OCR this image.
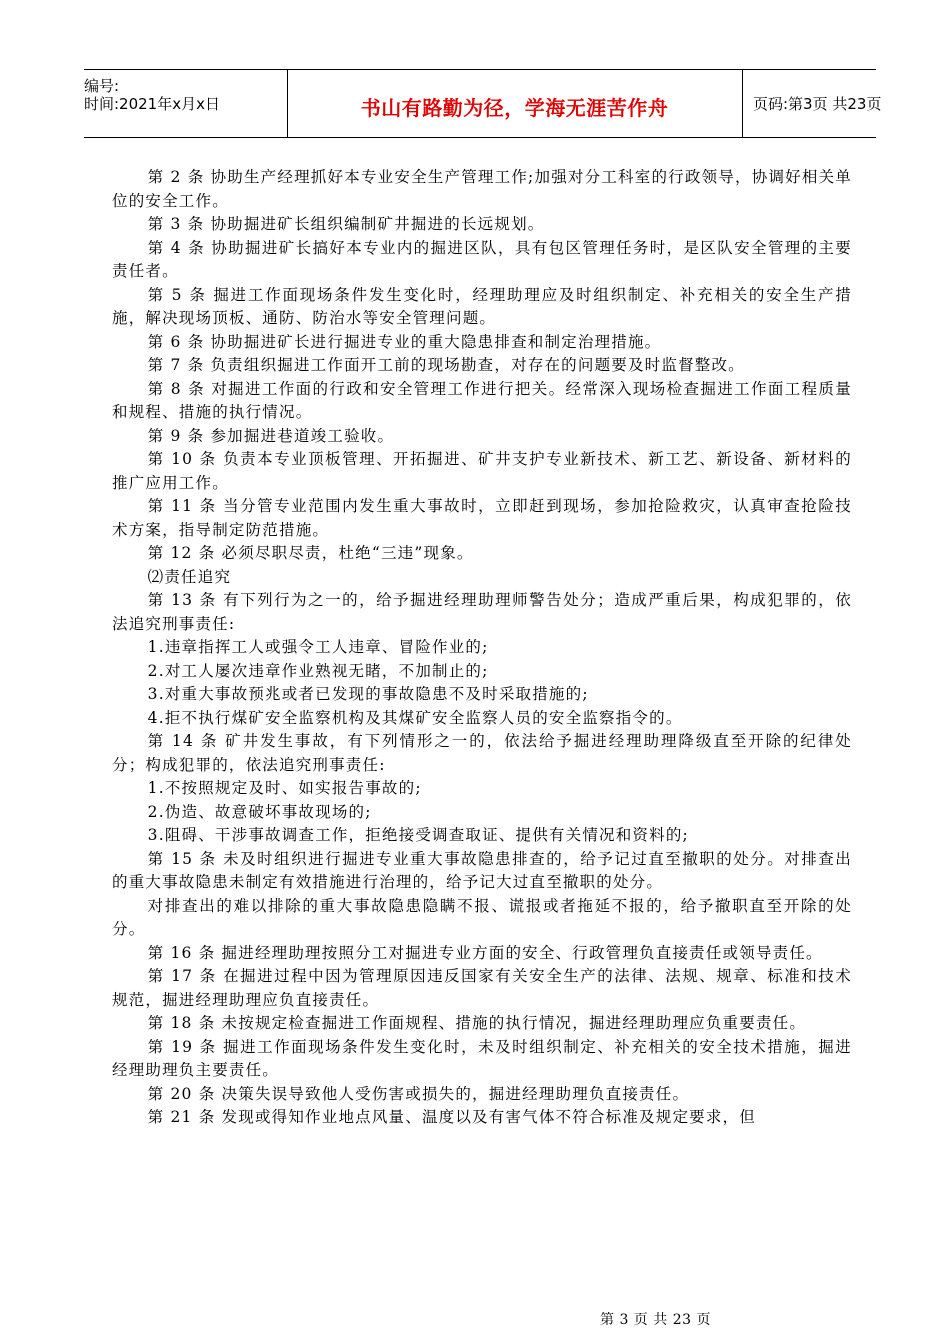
编号:
时间:2021年x月x日	书山有路勤为径，学海无涯苦作舟	页码:第3页 共23页

第 2 条 协助生产经理抓好本专业安全生产管理工作;加强对分工科室的行政领导，协调好相关单位的安全工作。

第 3 条 协助掘进矿长组织编制矿井掘进的长远规划。

第 4 条 协助掘进矿长搞好本专业内的掘进区队，具有包区管理任务时，是区队安全管理的主要责任者。

第 5 条 掘进工作面现场条件发生变化时，经理助理应及时组织制定、补充相关的安全生产措施，解决现场顶板、通防、防治水等安全管理问题。

第 6 条 协助掘进矿长进行掘进专业的重大隐患排查和制定治理措施。

第 7 条 负责组织掘进工作面开工前的现场勘查，对存在的问题要及时监督整改。

第 8 条 对掘进工作面的行政和安全管理工作进行把关。经常深入现场检查掘进工作面工程质量和规程、措施的执行情况。

第 9 条 参加掘进巷道竣工验收。

第 10 条 负责本专业顶板管理、开拓掘进、矿井支护专业新技术、新工艺、新设备、新材料的推广应用工作。

第 11 条 当分管专业范围内发生重大事故时，立即赶到现场，参加抢险救灾，认真审查抢险技术方案，指导制定防范措施。

第 12 条 必须尽职尽责，杜绝“三违”现象。

⑵责任追究

第 13 条 有下列行为之一的，给予掘进经理助理师警告处分；造成严重后果，构成犯罪的，依法追究刑事责任:

1.违章指挥工人或强令工人违章、冒险作业的;

2.对工人屡次违章作业熟视无睹，不加制止的;

3.对重大事故预兆或者已发现的事故隐患不及时采取措施的;

4.拒不执行煤矿安全监察机构及其煤矿安全监察人员的安全监察指令的。

第 14 条 矿井发生事故，有下列情形之一的，依法给予掘进经理助理降级直至开除的纪律处分；构成犯罪的，依法追究刑事责任:

1.不按照规定及时、如实报告事故的;

2.伪造、故意破坏事故现场的;

3.阻碍、干涉事故调查工作，拒绝接受调查取证、提供有关情况和资料的;

第 15 条 未及时组织进行掘进专业重大事故隐患排查的，给予记过直至撤职的处分。对排查出的重大事故隐患未制定有效措施进行治理的，给予记大过直至撤职的处分。

对排查出的难以排除的重大事故隐患隐瞒不报、谎报或者拖延不报的，给予撤职直至开除的处分。

第 16 条 掘进经理助理按照分工对掘进专业方面的安全、行政管理负直接责任或领导责任。

第 17 条 在掘进过程中因为管理原因违反国家有关安全生产的法律、法规、规章、标准和技术规范，掘进经理助理应负直接责任。

第 18 条 未按规定检查掘进工作面规程、措施的执行情况，掘进经理助理应负重要责任。

第 19 条 掘进工作面现场条件发生变化时，未及时组织制定、补充相关的安全技术措施，掘进经理助理负主要责任。

第 20 条 决策失误导致他人受伤害或损失的，掘进经理助理负直接责任。

第 21 条 发现或得知作业地点风量、温度以及有害气体不符合标准及规定要求，但

第 3 页 共 23 页
